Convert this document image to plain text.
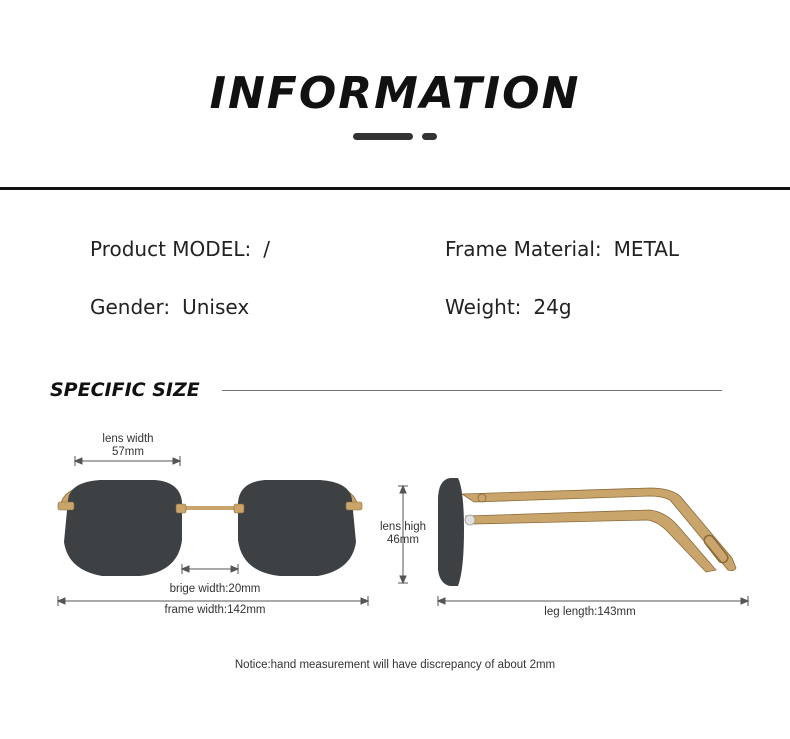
INFORMATION
Product MODEL: /	Frame Material: METAL
Gender: Unisex	Weight: 24g
SPECIFIC SIZE
lens width
57mm
brige width:20mm
frame width:142mm
lens high
46mm
leg length:143mm
Notice:hand measurement will have discrepancy of about 2mm
